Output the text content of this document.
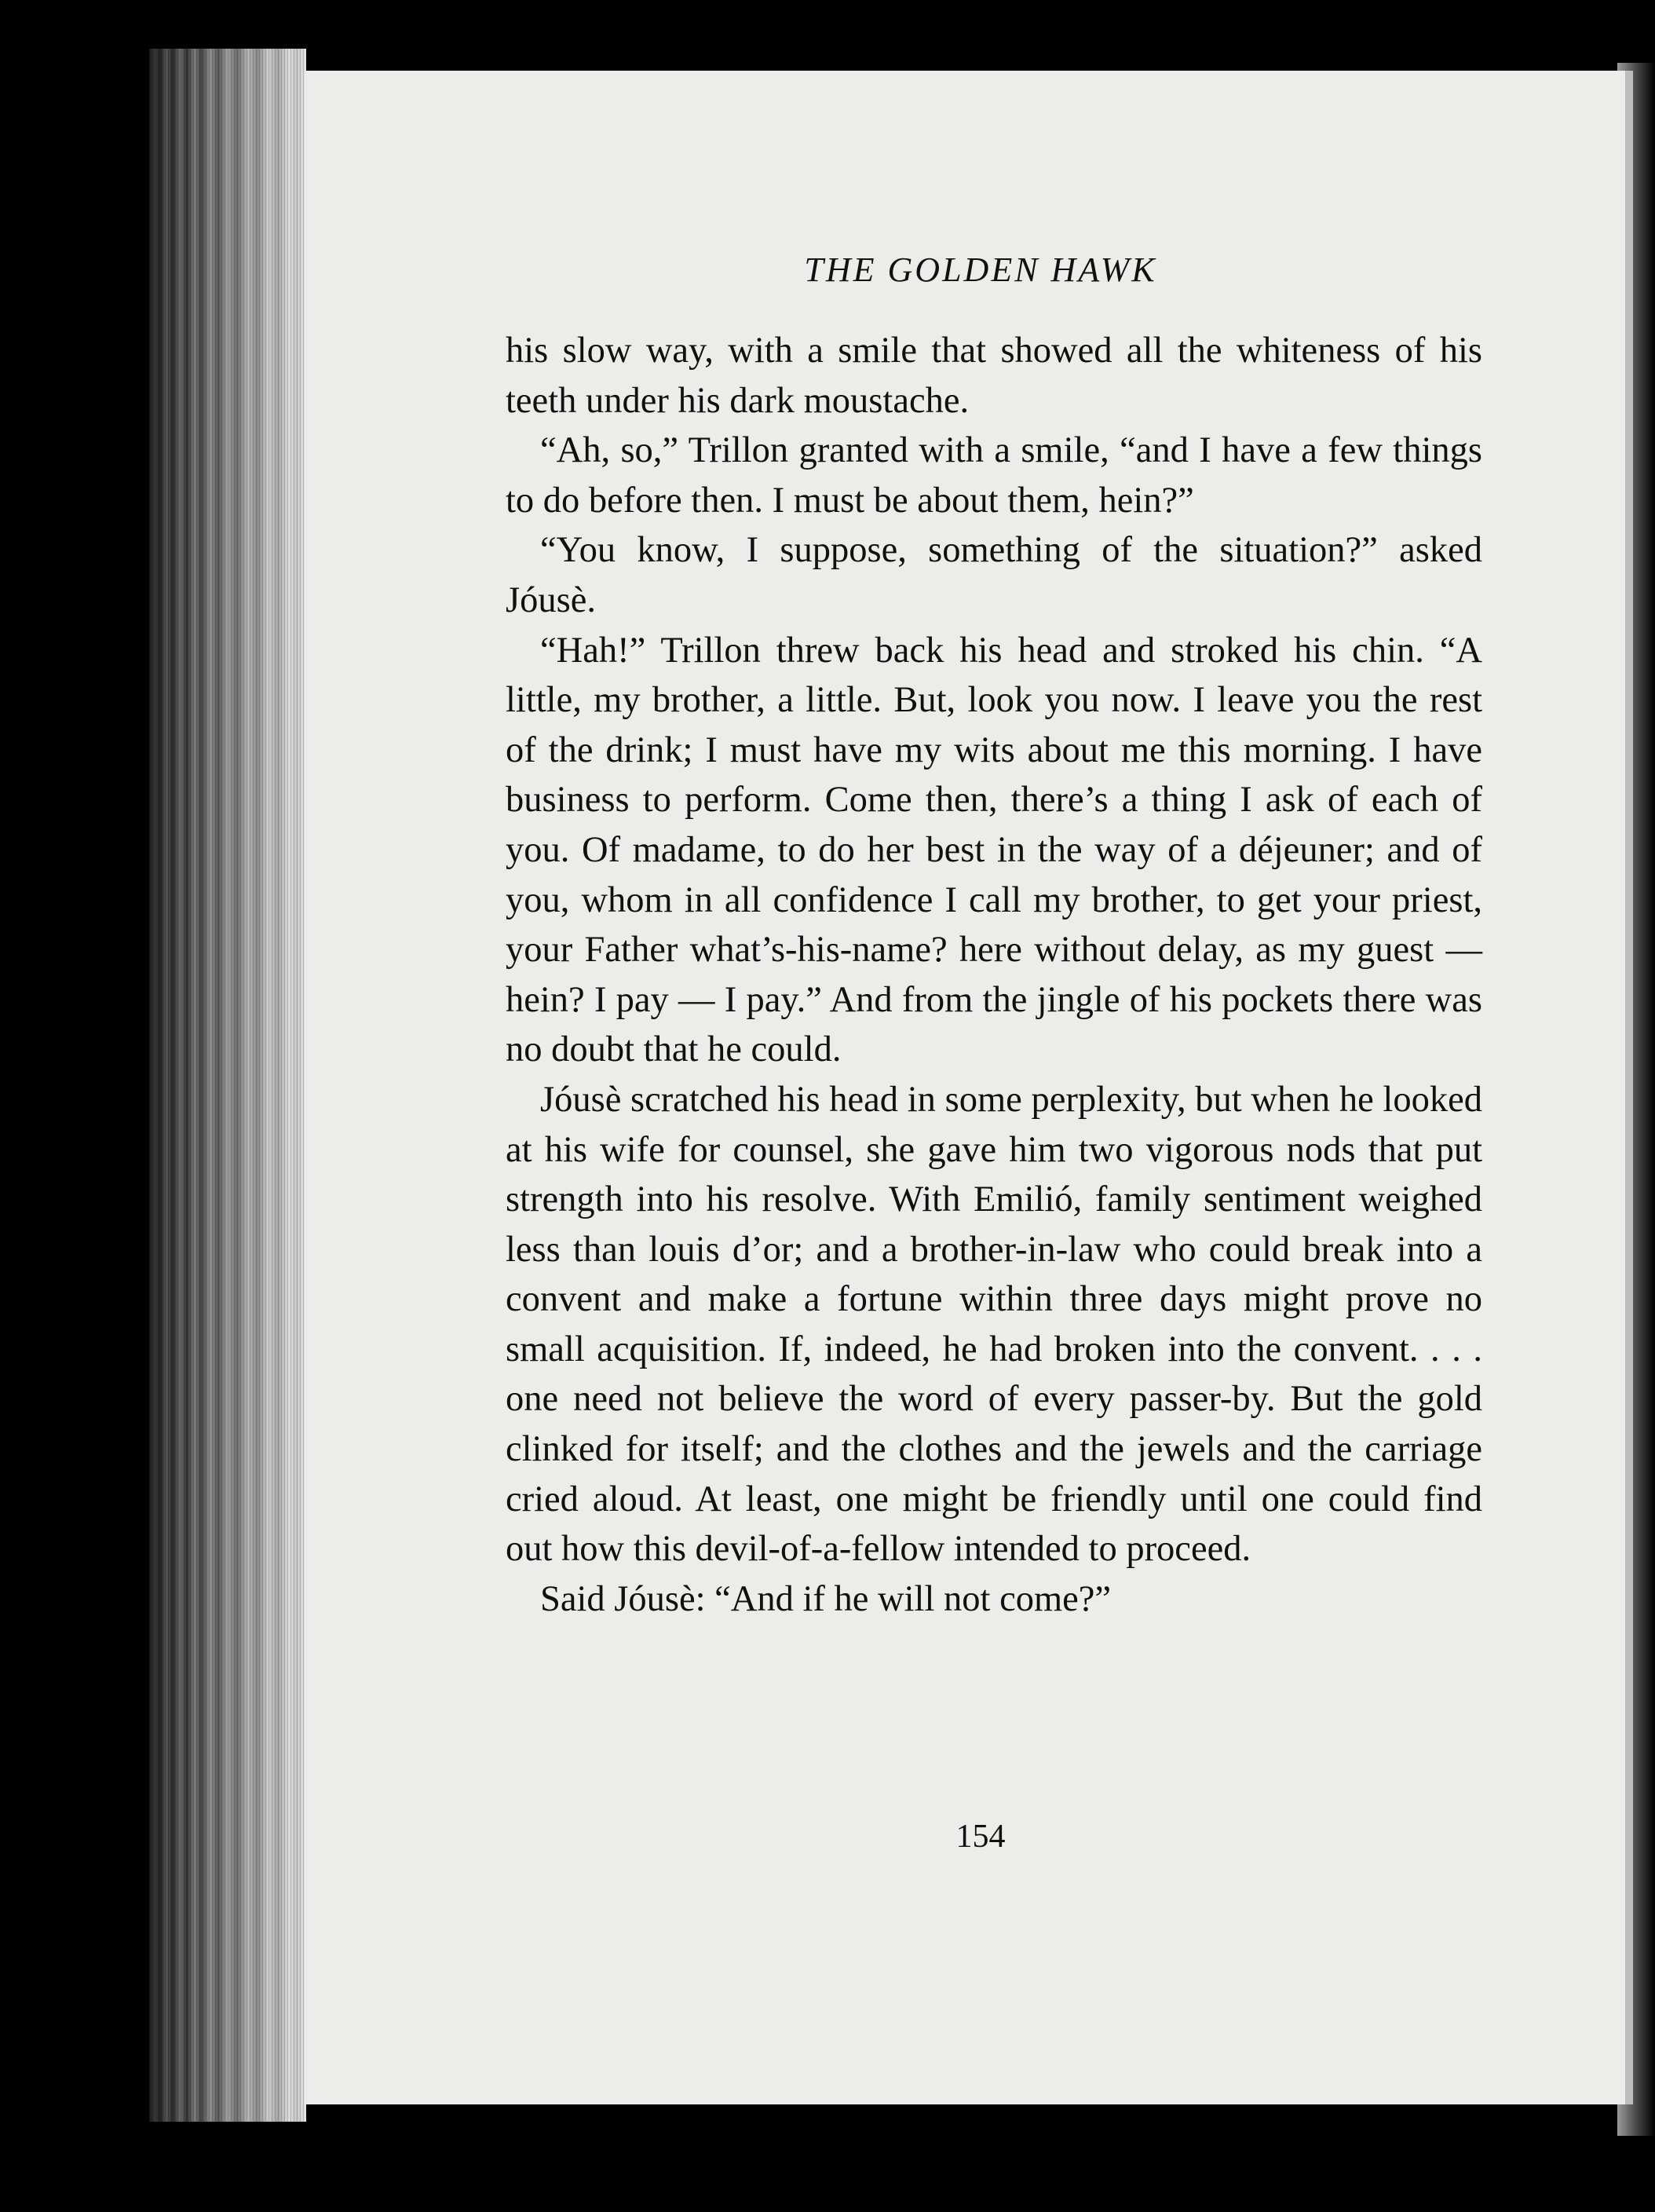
THE GOLDEN HAWK

his slow way, with a smile that showed all the whiteness of his teeth under his dark moustache.

“Ah, so,” Trillon granted with a smile, “and I have a few things to do before then. I must be about them, hein?”

“You know, I suppose, something of the situation?” asked Jóusè.

“Hah!” Trillon threw back his head and stroked his chin. “A little, my brother, a little. But, look you now. I leave you the rest of the drink; I must have my wits about me this morning. I have business to perform. Come then, there’s a thing I ask of each of you. Of madame, to do her best in the way of a déjeuner; and of you, whom in all confidence I call my brother, to get your priest, your Father what’s-his-name? here without delay, as my guest — hein? I pay — I pay.” And from the jingle of his pockets there was no doubt that he could.

Jóusè scratched his head in some perplexity, but when he looked at his wife for counsel, she gave him two vigorous nods that put strength into his resolve. With Emilió, family sentiment weighed less than louis d’or; and a brother-in-law who could break into a convent and make a fortune within three days might prove no small acquisition. If, indeed, he had broken into the convent. . . . one need not believe the word of every passer-by. But the gold clinked for itself; and the clothes and the jewels and the carriage cried aloud. At least, one might be friendly until one could find out how this devil-of-a-fellow intended to proceed.

Said Jóusè: “And if he will not come?”

154
